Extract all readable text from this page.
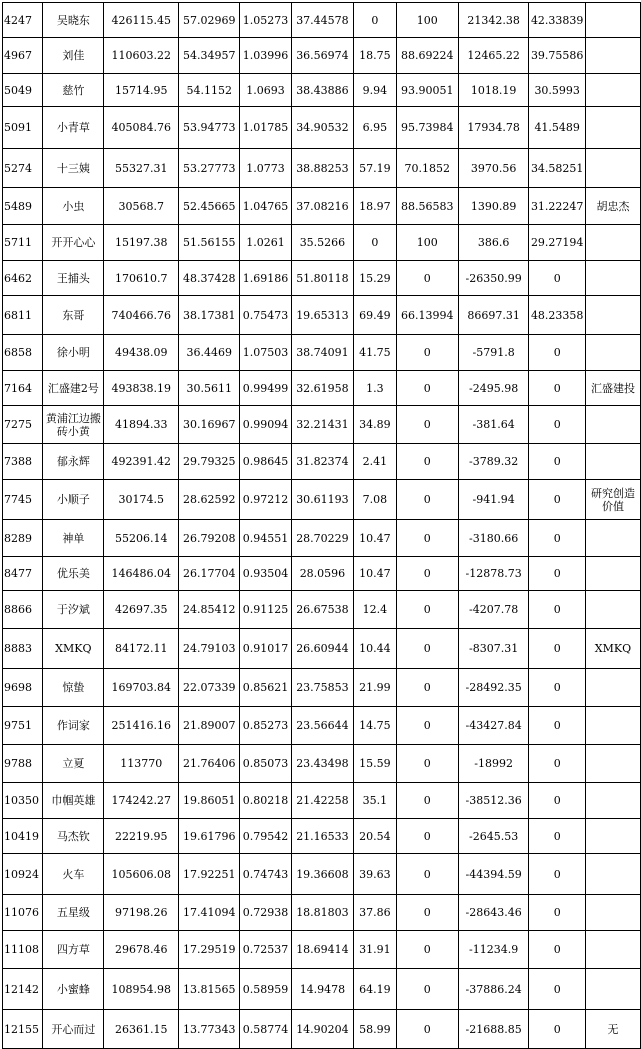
4247	吴晓东	426115.45	57.02969	1.05273	37.44578	0	100	21342.38	42.33839	
4967	刘佳	110603.22	54.34957	1.03996	36.56974	18.75	88.69224	12465.22	39.75586	
5049	慈竹	15714.95	54.1152	1.0693	38.43886	9.94	93.90051	1018.19	30.5993	
5091	小青草	405084.76	53.94773	1.01785	34.90532	6.95	95.73984	17934.78	41.5489	
5274	十三姨	55327.31	53.27773	1.0773	38.88253	57.19	70.1852	3970.56	34.58251	
5489	小虫	30568.7	52.45665	1.04765	37.08216	18.97	88.56583	1390.89	31.22247	胡忠杰
5711	开开心心	15197.38	51.56155	1.0261	35.5266	0	100	386.6	29.27194	
6462	王捕头	170610.7	48.37428	1.69186	51.80118	15.29	0	-26350.99	0	
6811	东哥	740466.76	38.17381	0.75473	19.65313	69.49	66.13994	86697.31	48.23358	
6858	徐小明	49438.09	36.4469	1.07503	38.74091	41.75	0	-5791.8	0	
7164	汇盛建2号	493838.19	30.5611	0.99499	32.61958	1.3	0	-2495.98	0	汇盛建投
7275	黄浦江边搬砖小黄	41894.33	30.16967	0.99094	32.21431	34.89	0	-381.64	0	
7388	郁永辉	492391.42	29.79325	0.98645	31.82374	2.41	0	-3789.32	0	
7745	小顺子	30174.5	28.62592	0.97212	30.61193	7.08	0	-941.94	0	研究创造价值
8289	神单	55206.14	26.79208	0.94551	28.70229	10.47	0	-3180.66	0	
8477	优乐美	146486.04	26.17704	0.93504	28.0596	10.47	0	-12878.73	0	
8866	于汐斌	42697.35	24.85412	0.91125	26.67538	12.4	0	-4207.78	0	
8883	XMKQ	84172.11	24.79103	0.91017	26.60944	10.44	0	-8307.31	0	XMKQ
9698	惊蛰	169703.84	22.07339	0.85621	23.75853	21.99	0	-28492.35	0	
9751	作词家	251416.16	21.89007	0.85273	23.56644	14.75	0	-43427.84	0	
9788	立夏	113770	21.76406	0.85073	23.43498	15.59	0	-18992	0	
10350	巾帼英雄	174242.27	19.86051	0.80218	21.42258	35.1	0	-38512.36	0	
10419	马杰钦	22219.95	19.61796	0.79542	21.16533	20.54	0	-2645.53	0	
10924	火车	105606.08	17.92251	0.74743	19.36608	39.63	0	-44394.59	0	
11076	五星级	97198.26	17.41094	0.72938	18.81803	37.86	0	-28643.46	0	
11108	四方草	29678.46	17.29519	0.72537	18.69414	31.91	0	-11234.9	0	
12142	小蜜蜂	108954.98	13.81565	0.58959	14.9478	64.19	0	-37886.24	0	
12155	开心而过	26361.15	13.77343	0.58774	14.90204	58.99	0	-21688.85	0	无
